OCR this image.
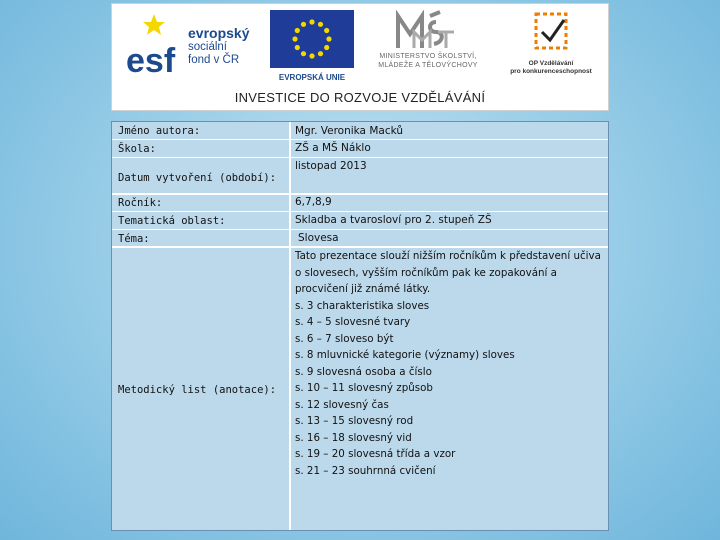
esf
evropský
sociální
fond v ČR
EVROPSKÁ UNIE
MINISTERSTVO ŠKOLSTVÍ,
MLÁDEŽE A TĚLOVÝCHOVY	OP Vzdělávání
pro konkurenceschopnost
INVESTICE DO ROZVOJE VZDĚLÁVÁNÍ
Jméno autora:	Mgr. Veronika Macků
Škola:	ZŠ a MŠ Náklo
Datum vytvoření (období):
listopad 2013
Ročník:	6,7,8,9
Tematická oblast:	Skladba a tvarosloví pro 2. stupeň ZŠ
Téma:	Slovesa
Metodický list (anotace):

Tato prezentace slouží nižším ročníkům k představení učiva o slovesech, vyšším ročníkům pak ke zopakování a procvičení již známé látky.

s. 3 charakteristika sloves

s. 4 – 5 slovesné tvary

s. 6 – 7 sloveso být

s. 8 mluvnické kategorie (významy) sloves

s. 9 slovesná osoba a číslo

s. 10 – 11 slovesný způsob

s. 12 slovesný čas

s. 13 – 15 slovesný rod

s. 16 – 18 slovesný vid

s. 19 – 20 slovesná třída a vzor

s. 21 – 23 souhrnná cvičení
